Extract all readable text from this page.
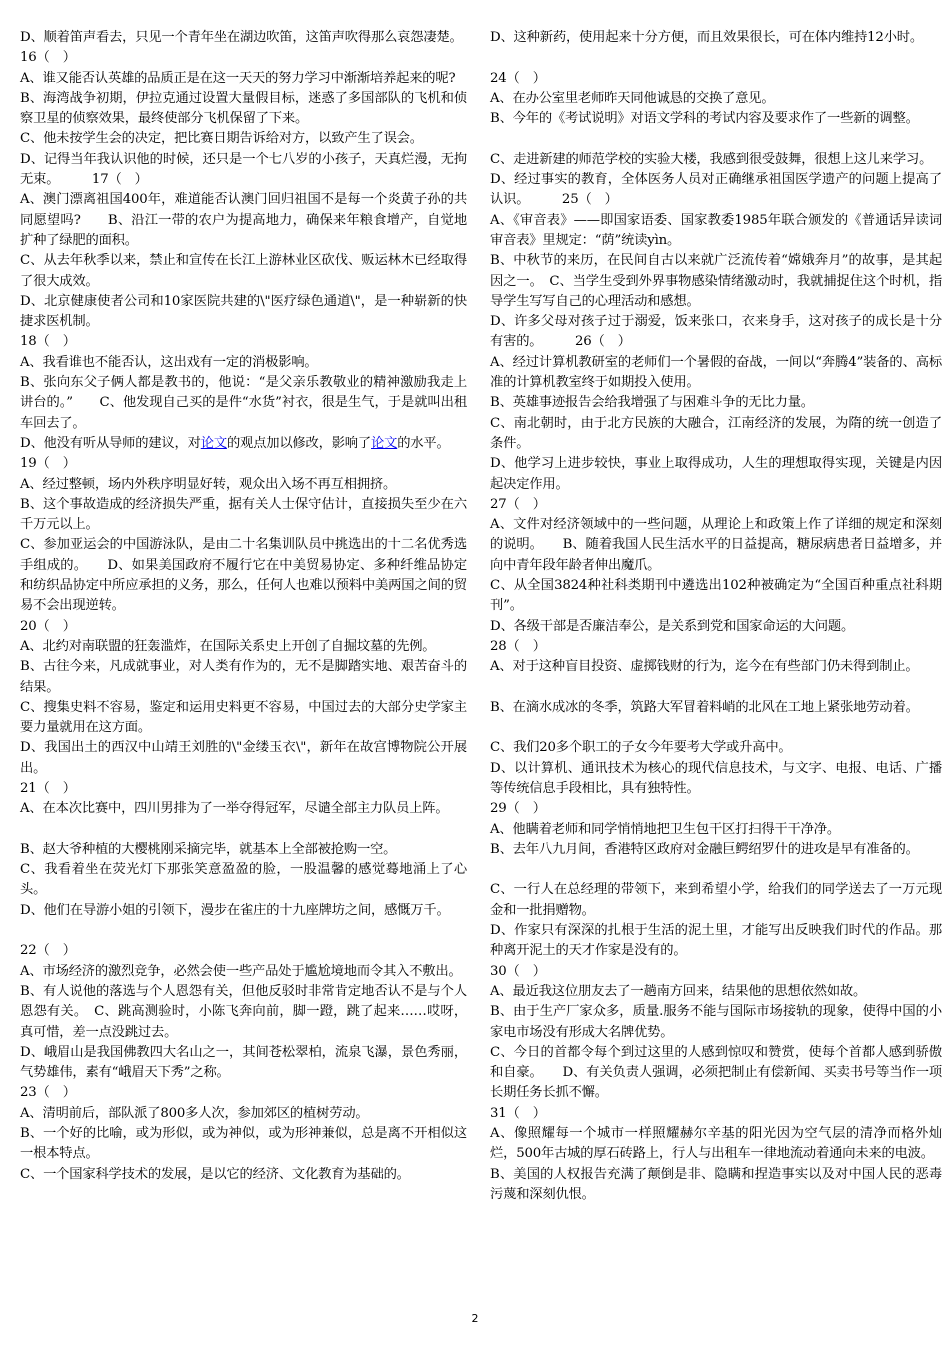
D、顺着笛声看去，只见一个青年坐在湖边吹笛，这笛声吹得那么哀怨凄楚。
16（　）
A、谁又能否认英雄的品质正是在这一天天的努力学习中渐渐培养起来的呢?
B、海湾战争初期，伊拉克通过设置大量假目标，迷惑了多国部队的飞机和侦察卫星的侦察效果，最终使部分飞机保留了下来。
C、他未按学生会的决定，把比赛日期告诉给对方，以致产生了误会。
D、记得当年我认识他的时候，还只是一个七八岁的小孩子，天真烂漫，无拘无束。　　　17（　）
A、澳门漂离祖国400年，难道能否认澳门回归祖国不是每一个炎黄子孙的共同愿望吗?　　B、沿江一带的农户为提高地力，确保来年粮食增产，自觉地扩种了绿肥的面积。
C、从去年秋季以来，禁止和宣传在长江上游林业区砍伐、贩运林木已经取得了很大成效。
D、北京健康使者公司和10家医院共建的\"医疗绿色通道\"，是一种崭新的快捷求医机制。
18（　）
A、我看谁也不能否认，这出戏有一定的消极影响。
B、张向东父子俩人都是教书的，他说：“是父亲乐教敬业的精神激励我走上讲台的。”　　C、他发现自己买的是件“水货”衬衣，很是生气，于是就叫出租车回去了。
D、他没有听从导师的建议，对论文的观点加以修改，影响了论文的水平。
19（　）
A、经过整顿，场内外秩序明显好转，观众出入场不再互相拥挤。
B、这个事故造成的经济损失严重，据有关人士保守估计，直接损失至少在六千万元以上。
C、参加亚运会的中国游泳队，是由二十名集训队员中挑选出的十二名优秀选手组成的。　　D、如果美国政府不履行它在中美贸易协定、多种纤维品协定和纺织品协定中所应承担的义务，那么，任何人也难以预料中美两国之间的贸易不会出现逆转。
20（　）
A、北约对南联盟的狂轰滥炸，在国际关系史上开创了自掘坟墓的先例。
B、古往今来，凡成就事业，对人类有作为的，无不是脚踏实地、艰苦奋斗的结果。
C、搜集史料不容易，鉴定和运用史料更不容易，中国过去的大部分史学家主要力量就用在这方面。
D、我国出土的西汉中山靖王刘胜的\"金缕玉衣\"，新年在故宫博物院公开展出。
21（　）
A、在本次比赛中，四川男排为了一举夺得冠军，尽谴全部主力队员上阵。
B、赵大爷种植的大樱桃刚采摘完毕，就基本上全部被抢购一空。
C、我看着坐在荧光灯下那张笑意盈盈的脸，一股温馨的感觉蓦地涌上了心头。
D、他们在导游小姐的引领下，漫步在雀庄的十九座牌坊之间，感慨万千。
22（　）
A、市场经济的激烈竞争，必然会使一些产品处于尴尬境地而令其入不敷出。
B、有人说他的落选与个人恩怨有关，但他反驳时非常肯定地否认不是与个人恩怨有关。　C、跳高测验时，小陈飞奔向前，脚一蹬，跳了起来……哎呀，真可惜，差一点没跳过去。
D、峨眉山是我国佛教四大名山之一，其间苍松翠柏，流泉飞瀑，景色秀丽，气势雄伟，素有“峨眉天下秀”之称。
23（　）
A、清明前后，部队派了800多人次，参加郊区的植树劳动。
B、一个好的比喻，或为形似，或为神似，或为形神兼似，总是离不开相似这一根本特点。
C、一个国家科学技术的发展，是以它的经济、文化教育为基础的。
D、这种新药，使用起来十分方便，而且效果很长，可在体内维持12小时。
24（　）
A、在办公室里老师昨天同他诚恳的交换了意见。
B、今年的《考试说明》对语文学科的考试内容及要求作了一些新的调整。
C、走进新建的师范学校的实验大楼，我感到很受鼓舞，很想上这儿来学习。
D、经过事实的教育，全体医务人员对正确继承祖国医学遗产的问题上提高了认识。　　　25（　）
A、《审音表》——即国家语委、国家教委1985年联合颁发的《普通话异读词审音表》里规定：“荫”统读yìn。
B、中秋节的来历，在民间自古以来就广泛流传着“嫦娥奔月”的故事，是其起因之一。　C、当学生受到外界事物感染情绪激动时，我就捕捉住这个时机，指导学生写写自己的心理活动和感想。
D、许多父母对孩子过于溺爱，饭来张口，衣来身手，这对孩子的成长是十分有害的。　　　26（　）
A、经过计算机教研室的老师们一个暑假的奋战，一间以“奔腾4”装备的、高标准的计算机教室终于如期投入使用。
B、英雄事迹报告会给我增强了与困难斗争的无比力量。
C、南北朝时，由于北方民族的大融合，江南经济的发展，为隋的统一创造了条件。
D、他学习上进步较快，事业上取得成功，人生的理想取得实现，关键是内因起决定作用。
27（　）
A、文件对经济领域中的一些问题，从理论上和政策上作了详细的规定和深刻的说明。　　B、随着我国人民生活水平的日益提高，糖尿病患者日益增多，并向中青年段年龄者伸出魔爪。
C、从全国3824种社科类期刊中遴选出102种被确定为“全国百种重点社科期刊”。
D、各级干部是否廉洁奉公，是关系到党和国家命运的大问题。
28（　）
A、对于这种盲目投资、虚掷钱财的行为，迄今在有些部门仍未得到制止。
B、在滴水成冰的冬季，筑路大军冒着料峭的北风在工地上紧张地劳动着。
C、我们20多个职工的子女今年要考大学或升高中。
D、以计算机、通讯技术为核心的现代信息技术，与文字、电报、电话、广播等传统信息手段相比，具有独特性。
29（　）
A、他瞒着老师和同学悄悄地把卫生包干区打扫得干干净净。
B、去年八九月间，香港特区政府对金融巨鳄绍罗什的进攻是早有准备的。
C、一行人在总经理的带领下，来到希望小学，给我们的同学送去了一万元现金和一批捐赠物。
D、作家只有深深的扎根于生活的泥土里，才能写出反映我们时代的作品。那种离开泥土的天才作家是没有的。
30（　）
A、最近我这位朋友去了一趟南方回来，结果他的思想依然如故。
B、由于生产厂家众多，质量.服务不能与国际市场接轨的现象，使得中国的小家电市场没有形成大名牌优势。
C、今日的首都令每个到过这里的人感到惊叹和赞赏，使每个首都人感到骄傲和自豪。　　D、有关负责人强调，必须把制止有偿新闻、买卖书号等当作一项长期任务长抓不懈。
31（　）
A、像照耀每一个城市一样照耀赫尔辛基的阳光因为空气层的清净而格外灿烂，500年古城的厚石砖路上，行人与出租车一律地流动着通向未来的电波。
B、美国的人权报告充满了颠倒是非、隐瞒和捏造事实以及对中国人民的恶毒污蔑和深刻仇恨。
2
